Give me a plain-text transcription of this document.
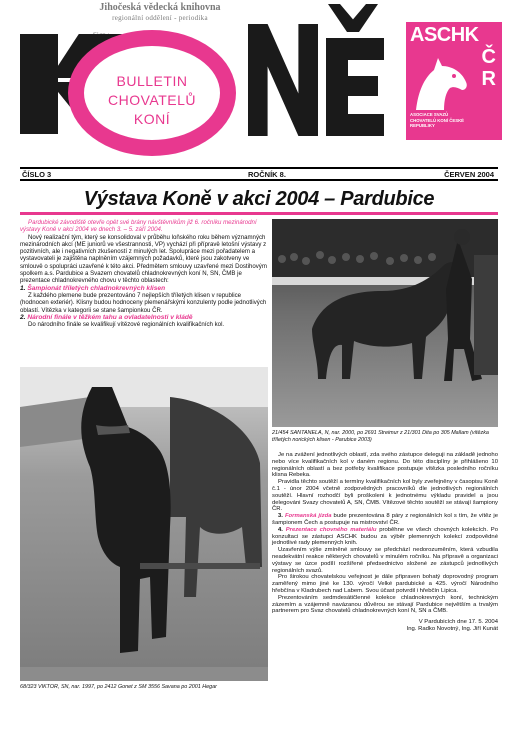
Jihočeská vědecká knihovna
regionální oddělení - periodika
BULLETIN
CHOVATELŮ
KONÍ
ASCHK
Č
R
ASOCIACE SVAZŮ CHOVATELŮ KONÍ ČESKÉ REPUBLIKY
ČÍSLO 3	ROČNÍK 8.	ČERVEN 2004
Výstava Koně v akci 2004 – Pardubice

Pardubické závodiště otevře opět své brány návštěvníkům již 6. ročníku mezinárodní výstavy Koně v akci 2004 ve dnech 3. – 5. září 2004.

Nový realizační tým, který se konsolidoval v průběhu loňského roku během významných mezinárodních akcí (ME juniorů ve všestrannosti, VP) vychází při přípravě letošní výstavy z pozitivních, ale i negativních zkušeností z minulých let. Spolupráce mezi pořadatelem a vystavovateli je zajištěna naplněním vzájemných požadavků, které jsou zakotveny ve smlouvě o spolupráci uzavřené k této akci. Předmětem smlouvy uzavřené mezi Dostihovým spolkem a.s. Pardubice a Svazem chovatelů chladnokrevných koní N, SN, ČMB je prezentace chladnokrevného chovu v těchto oblastech:

1. Šampionát tříletých chladnokrevných klisen

Z každého plemene bude prezentováno 7 nejlepších tříletých klisen v republice (hodnocen exteriér). Klisny budou hodnoceny plemenářskými konzulenty podle jednotlivých oblastí. Vítězka v kategorii se stane šampionkou ČR.

2. Národní finále v těžkém tahu a ovladatelnosti v kládě

Do národního finále se kvalifikují vítězové regionálních kvalifikačních kol.

21/454 SANTANELA, N, nar. 2000, po 2691 Streimur z 21/301 Dita po 305 Mallam (vítězka tříletých norických klisen - Parubice 2003)
68/323 VIKTOR, SN, nar. 1997, po 2412 Gonet z SM 3556 Savana po 2001 Hegar

Je na zvážení jednotlivých oblastí, zda svého zástupce deleguji na základě jednoho nebo více kvalifikačních kol v daném regionu. Do této disciplíny je přihlášeno 10 regionálních oblastí a bez potřeby kvalifikace postupuje vítězka posledního ročníku klisna Rebeka.

Pravidla těchto soutěží a termíny kvalifikačních kol byly zveřejněny v časopisu Koně č.1 - únor 2004 včetně zodpovědných pracovníků dle jednotlivých regionálních soutěží. Hlavní rozhodčí byli proškoleni k jednotnému výkladu pravidel a jsou delegováni Svazy chovatelů A, SN, ČMB. Vítězové těchto soutěží se stávají šampiony ČR.

3. Formanská jízda bude prezentována 8 páry z regionálních kol s tím, že vítěz je šampionem Čech a postupuje na mistrovství ČR.

4. Prezentace chovného materiálu proběhne ve všech chovných kolekcích. Po konzultaci se zástupci ASCHK budou za výběr plemenných kolekcí zodpovědné jednotlivé rady plemenných knih.

Uzavřením výše zmíněné smlouvy se předchází nedorozuměním, která vzbudila neadekvátní reakce některých chovatelů v minulém ročníku. Na přípravě a organizaci výstavy se úzce podílí rozšířené předsednictvo složené ze zástupců jednotlivých regionálních svazů.

Pro širokou chovatelskou veřejnost je dále připraven bohatý doprovodný program zaměřený mimo jiné ke 130. výročí Velké pardubické a 425. výročí Národního hřebčína v Kladrubech nad Labem. Svou účast potvrdil i hřebčín Lipica.

Prezentováním sedmdesátičlenné kolekce chladnokrevných koní, technickým zázemím a vzájemně navázanou důvěrou se stávají Pardubice největším a trvalým partnerem pro Svaz chovatelů chladnokrevných koní N, SN a ČMB.

V Pardubicích dne 17. 5. 2004
Ing. Radko Novotný, Ing. Jiří Kunát
